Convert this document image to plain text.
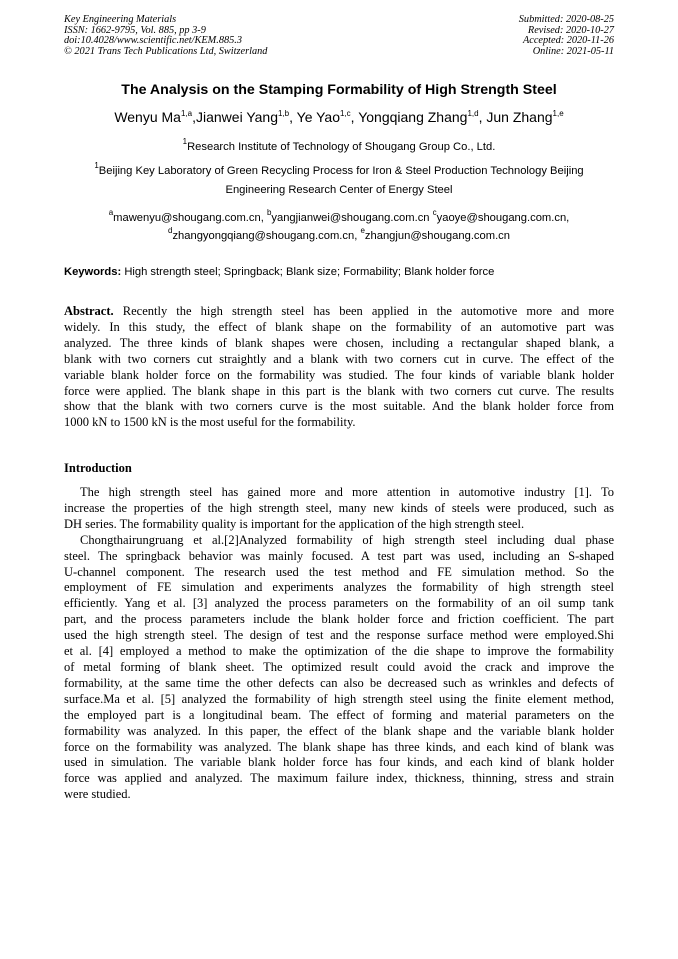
Key Engineering Materials
ISSN: 1662-9795, Vol. 885, pp 3-9
doi:10.4028/www.scientific.net/KEM.885.3
© 2021 Trans Tech Publications Ltd, Switzerland
Submitted: 2020-08-25
Revised: 2020-10-27
Accepted: 2020-11-26
Online: 2021-05-11
The Analysis on the Stamping Formability of High Strength Steel
Wenyu Ma$^{1,a}$,Jianwei Yang$^{1,b}$, Ye Yao$^{1,c}$, Yongqiang Zhang$^{1,d}$, Jun Zhang$^{1,e}$
$^1$Research Institute of Technology of Shougang Group Co., Ltd.
$^1$Beijing Key Laboratory of Green Recycling Process for Iron & Steel Production Technology Beijing Engineering Research Center of Energy Steel
$^a$mawenyu@shougang.com.cn, $^b$yangjianwei@shougang.com.cn $^c$yaoye@shougang.com.cn,
$^d$zhangyongqiang@shougang.com.cn, $^e$zhangjun@shougang.com.cn
Keywords: High strength steel; Springback; Blank size; Formability; Blank holder force
Abstract. Recently the high strength steel has been applied in the automotive more and more
widely. In this study, the effect of blank shape on the formability of an automotive part was
analyzed. The three kinds of blank shapes were chosen, including a rectangular shaped blank, a
blank with two corners cut straightly and a blank with two corners cut in curve. The effect of the
variable blank holder force on the formability was studied. The four kinds of variable blank holder
force were applied. The blank shape in this part is the blank with two corners cut curve. The results
show that the blank with two corners curve is the most suitable. And the blank holder force from
1000 kN to 1500 kN is the most useful for the formability.
Introduction
The high strength steel has gained more and more attention in automotive industry [1]. To
increase the properties of the high strength steel, many new kinds of steels were produced, such as
DH series. The formability quality is important for the application of the high strength steel.
Chongthairungruang et al.[2]Analyzed formability of high strength steel including dual phase
steel. The springback behavior was mainly focused. A test part was used, including an S-shaped
U-channel component. The research used the test method and FE simulation method. So the
employment of FE simulation and experiments analyzes the formability of high strength steel
efficiently. Yang et al. [3] analyzed the process parameters on the formability of an oil sump tank
part, and the process parameters include the blank holder force and friction coefficient. The part
used the high strength steel. The design of test and the response surface method were employed.Shi
et al. [4] employed a method to make the optimization of the die shape to improve the formability
of metal forming of blank sheet. The optimized result could avoid the crack and improve the
formability, at the same time the other defects can also be decreased such as wrinkles and defects of
surface.Ma et al. [5] analyzed the formability of high strength steel using the finite element method,
the employed part is a longitudinal beam. The effect of forming and material parameters on the
formability was analyzed. In this paper, the effect of the blank shape and the variable blank holder
force on the formability was analyzed. The blank shape has three kinds, and each kind of blank was
used in simulation. The variable blank holder force has four kinds, and each kind of blank holder
force was applied and analyzed. The maximum failure index, thickness, thinning, stress and strain
were studied.
